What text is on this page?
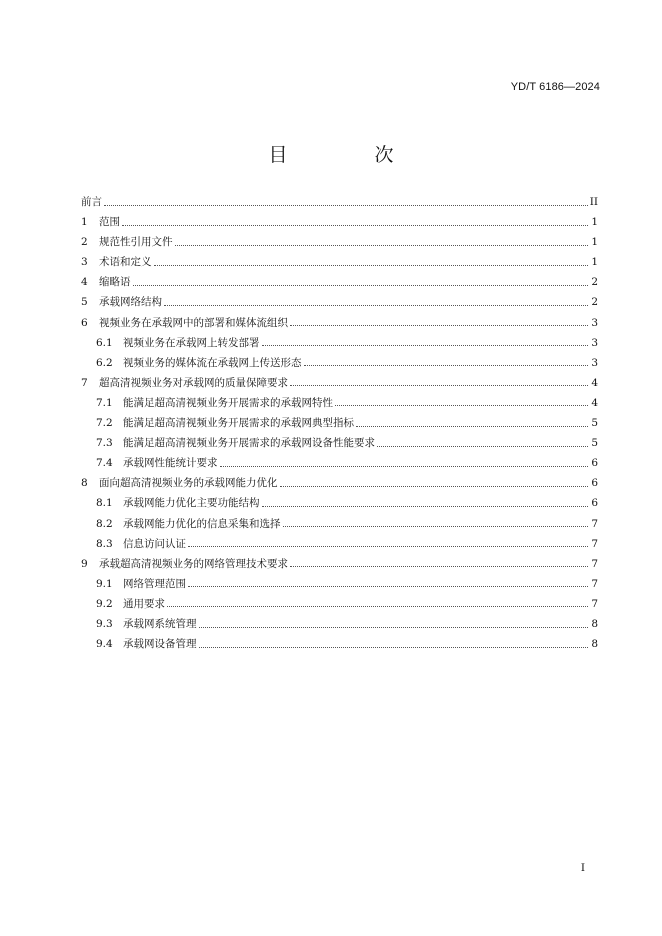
YD/T 6186—2024
目　次
前言	II
1	范围	1
2	规范性引用文件	1
3	术语和定义	1
4	缩略语	2
5	承载网络结构	2
6	视频业务在承载网中的部署和媒体流组织	3
6.1 视频业务在承载网上转发部署	3
6.2 视频业务的媒体流在承载网上传送形态	3
7	超高清视频业务对承载网的质量保障要求	4
7.1 能满足超高清视频业务开展需求的承载网特性	4
7.2 能满足超高清视频业务开展需求的承载网典型指标	5
7.3 能满足超高清视频业务开展需求的承载网设备性能要求	5
7.4 承载网性能统计要求	6
8	面向超高清视频业务的承载网能力优化	6
8.1 承载网能力优化主要功能结构	6
8.2 承载网能力优化的信息采集和选择	7
8.3 信息访问认证	7
9	承载超高清视频业务的网络管理技术要求	7
9.1 网络管理范围	7
9.2 通用要求	7
9.3 承载网系统管理	8
9.4 承载网设备管理	8
I
